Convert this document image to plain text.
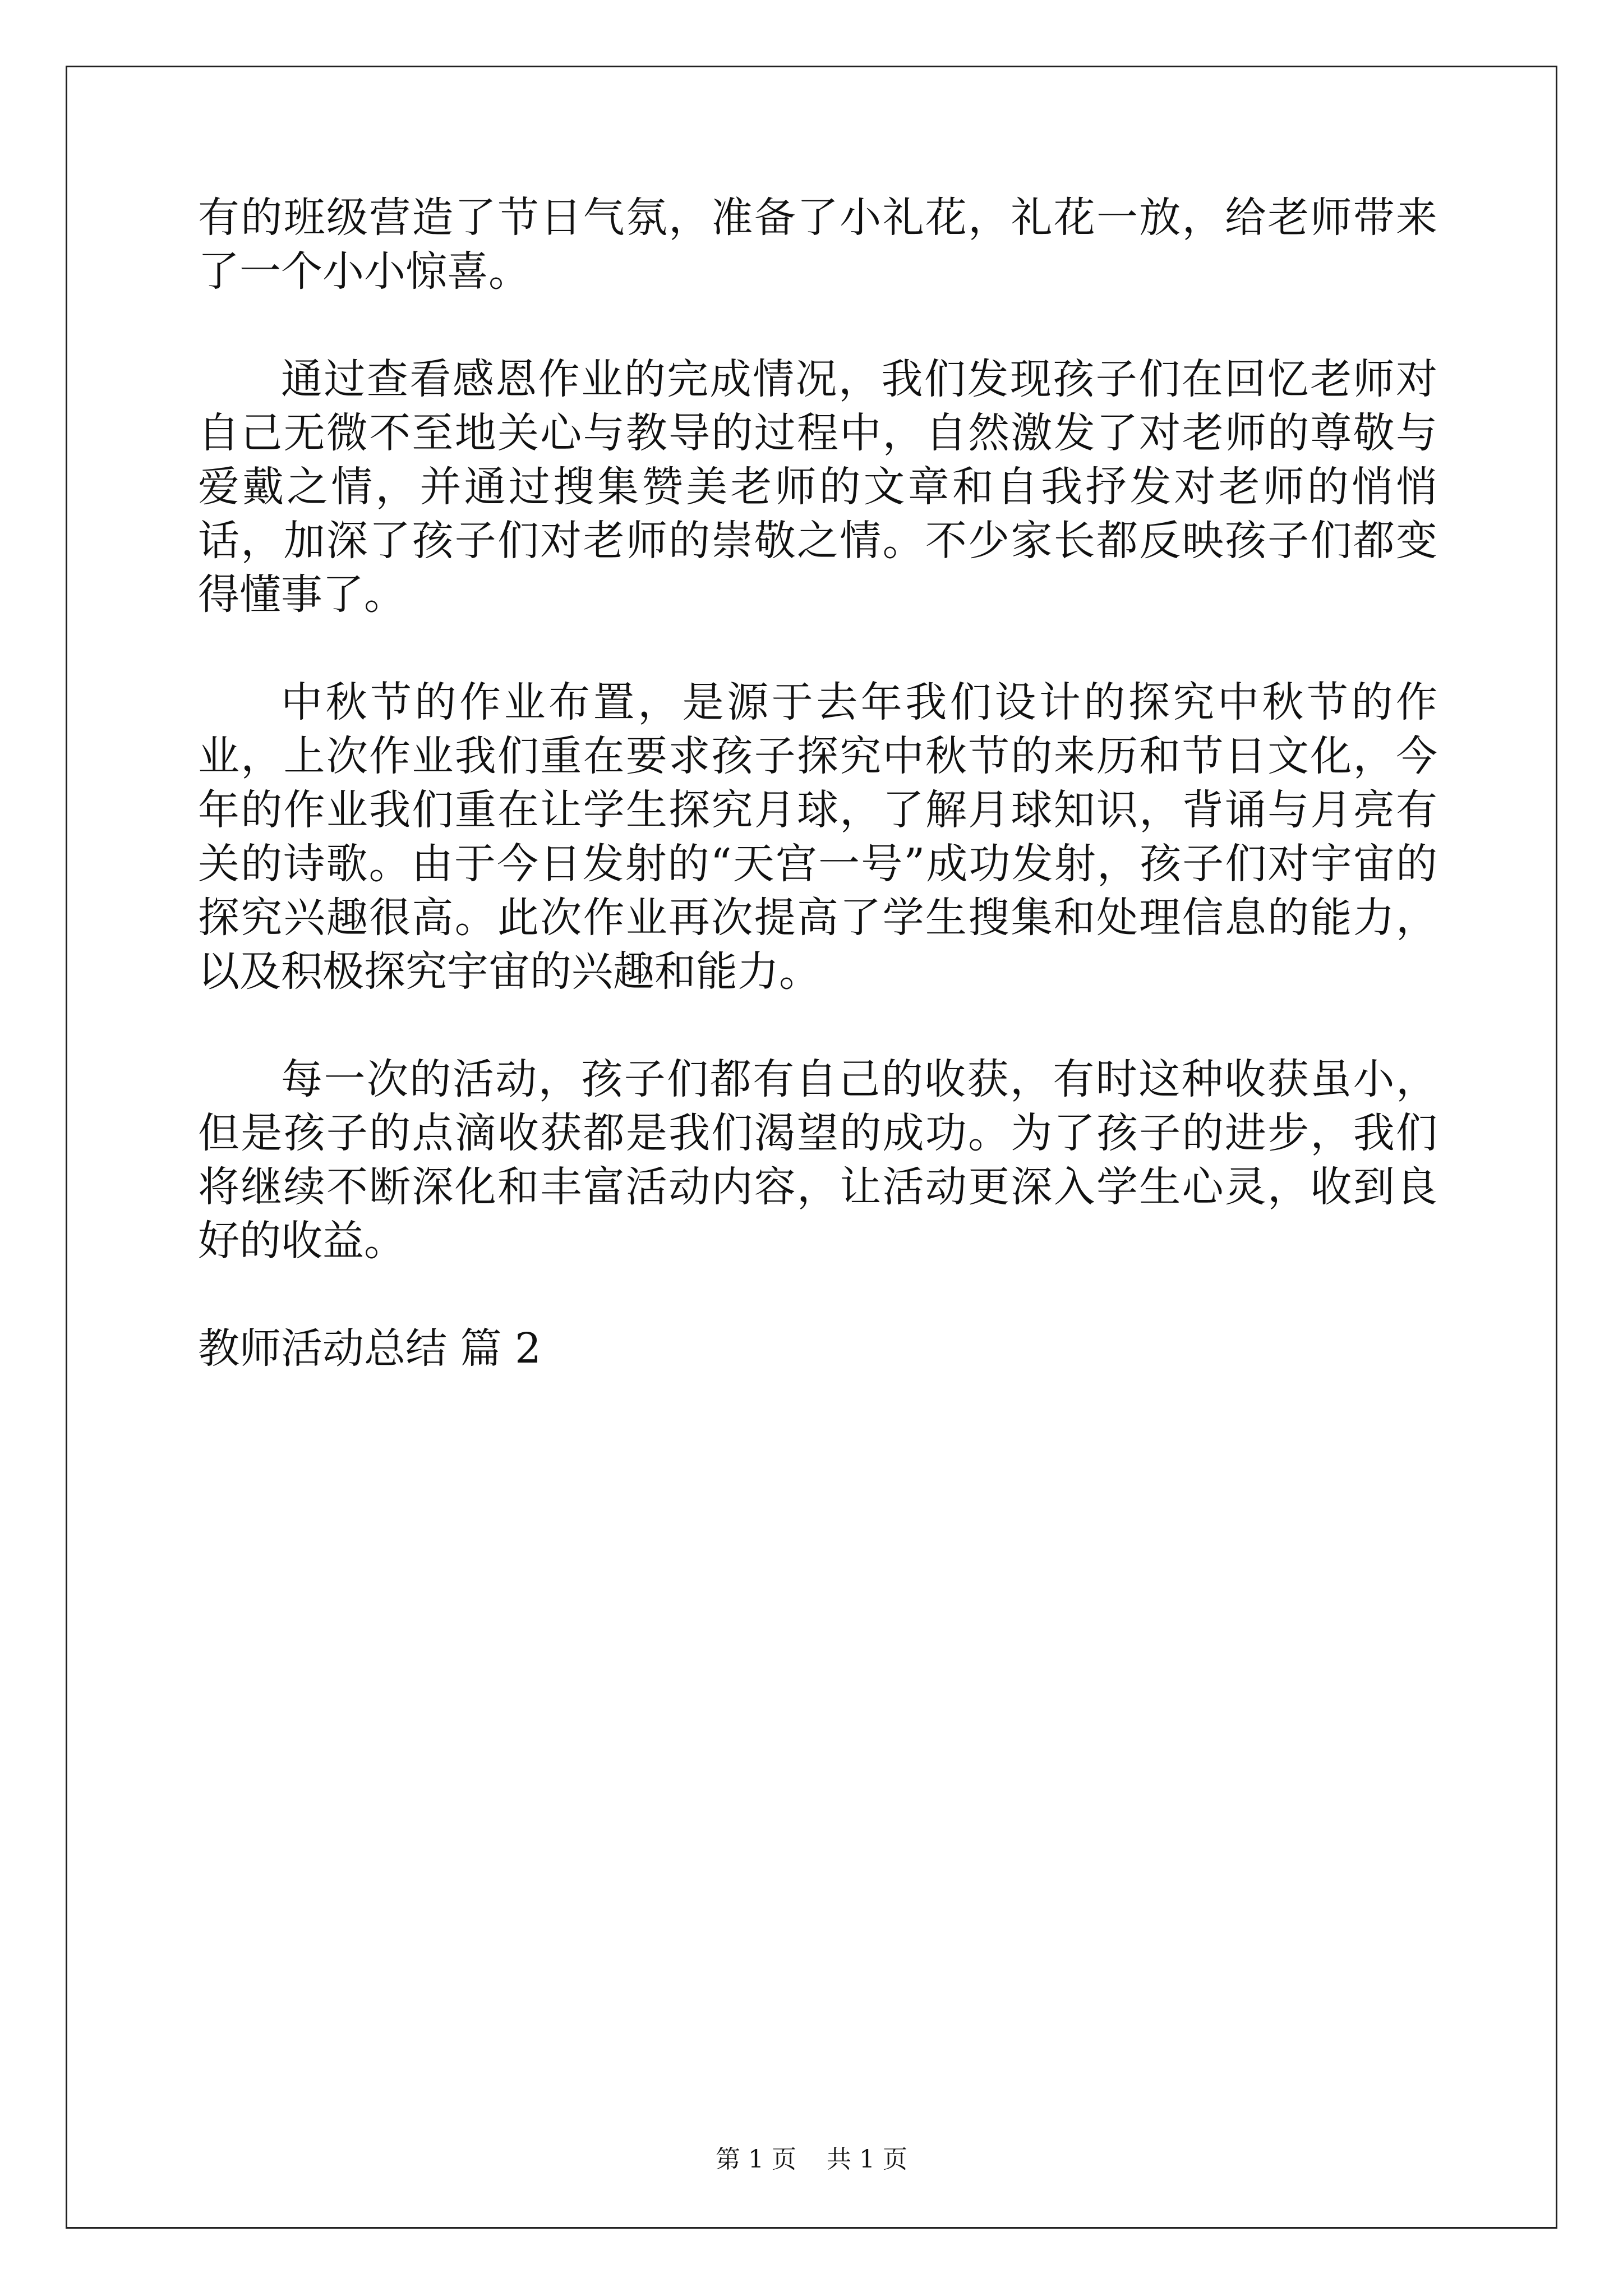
有的班级营造了节日气氛，准备了小礼花，礼花一放，给老师带来了一个小小惊喜。

通过查看感恩作业的完成情况，我们发现孩子们在回忆老师对自己无微不至地关心与教导的过程中，自然激发了对老师的尊敬与爱戴之情，并通过搜集赞美老师的文章和自我抒发对老师的悄悄话，加深了孩子们对老师的崇敬之情。不少家长都反映孩子们都变得懂事了。

中秋节的作业布置，是源于去年我们设计的探究中秋节的作业，上次作业我们重在要求孩子探究中秋节的来历和节日文化，今年的作业我们重在让学生探究月球，了解月球知识，背诵与月亮有关的诗歌。由于今日发射的“天宫一号”成功发射，孩子们对宇宙的探究兴趣很高。此次作业再次提高了学生搜集和处理信息的能力，以及积极探究宇宙的兴趣和能力。

每一次的活动，孩子们都有自己的收获，有时这种收获虽小，但是孩子的点滴收获都是我们渴望的成功。为了孩子的进步，我们将继续不断深化和丰富活动内容，让活动更深入学生心灵，收到良好的收益。

教师活动总结 篇 2

第 1 页 共 1 页
